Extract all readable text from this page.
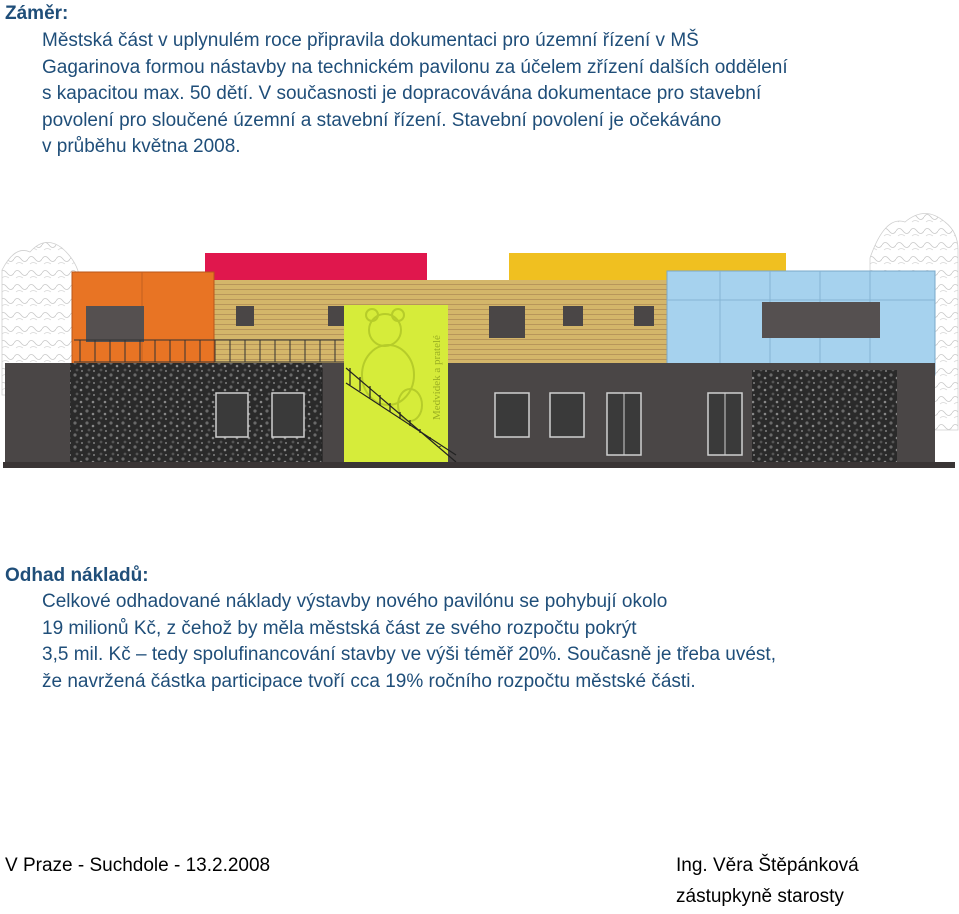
Záměr:
Městská část v uplynulém roce připravila dokumentaci pro územní řízení v MŠ
Gagarinova formou nástavby na technickém pavilonu za účelem zřízení dalších oddělení
s kapacitou max. 50 dětí. V současnosti je dopracovávána dokumentace pro stavební
povolení pro sloučené územní a stavební řízení. Stavební povolení je očekáváno
v průběhu května 2008.
Medvídek a pratelé
Odhad nákladů:
Celkové odhadované náklady výstavby nového pavilónu se pohybují okolo
19 milionů Kč, z čehož by měla městská část ze svého rozpočtu pokrýt
3,5 mil. Kč – tedy spolufinancování stavby ve výši téměř 20%. Současně je třeba uvést,
že navržená částka participace tvoří cca 19% ročního rozpočtu městské části.

V Praze - Suchdole - 13.2.2008	Ing. Věra Štěpánková

zástupkyně starosty
